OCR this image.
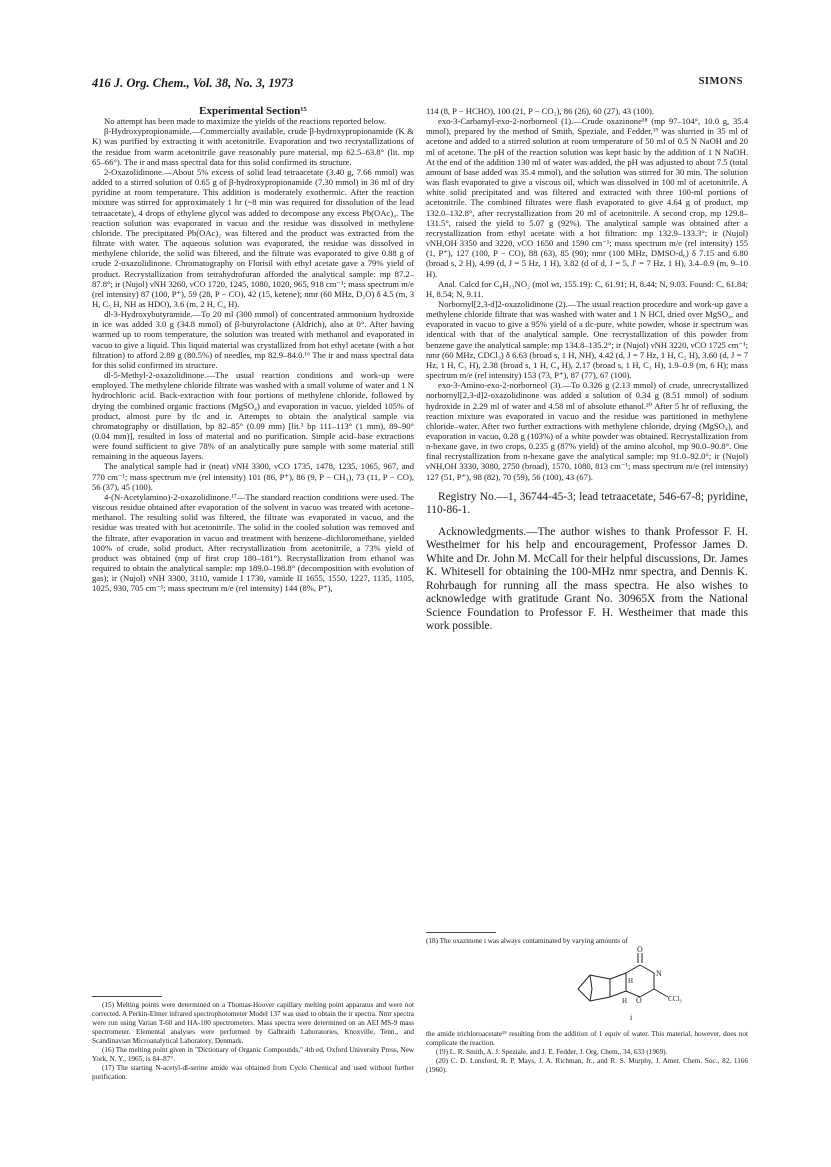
416 J. Org. Chem., Vol. 38, No. 3, 1973	SIMONS

Experimental Section¹⁵

No attempt has been made to maximize the yields of the reactions reported below.

β-Hydroxypropionamide.—Commercially available, crude β-hydroxypropionamide (K & K) was purified by extracting it with acetonitrile. Evaporation and two recrystallizations of the residue from warm acetonitrile gave reasonably pure material, mp 62.5–63.8° (lit. mp 65–66°). The ir and mass spectral data for this solid confirmed its structure.

2-Oxazolidinone.—About 5% excess of solid lead tetraacetate (3.40 g, 7.66 mmol) was added to a stirred solution of 0.65 g of β-hydroxypropionamide (7.30 mmol) in 36 ml of dry pyridine at room temperature. This addition is moderately exothermic. After the reaction mixture was stirred for approximately 1 hr (~8 min was required for dissolution of the lead tetraacetate), 4 drops of ethylene glycol was added to decompose any excess Pb(OAc)₄. The reaction solution was evaporated in vacuo and the residue was dissolved in methylene chloride. The precipitated Pb(OAc)₂ was filtered and the product was extracted from the filtrate with water. The aqueous solution was evaporated, the residue was dissolved in methylene chloride, the solid was filtered, and the filtrate was evaporated to give 0.88 g of crude 2-oxazolidinone. Chromatography on Florisil with ethyl acetate gave a 79% yield of product. Recrystallization from tetrahydrofuran afforded the analytical sample: mp 87.2–87.8°; ir (Nujol) νNH 3260, νCO 1720, 1245, 1080, 1020, 965, 918 cm⁻¹; mass spectrum m/e (rel intensity) 87 (100, P⁺), 59 (28, P − CO), 42 (15, ketene); nmr (60 MHz, D₂O) δ 4.5 (m, 3 H, C₅ H, NH as HDO), 3.6 (m, 2 H, C₄ H).

dl-3-Hydroxybutyramide.—To 20 ml (300 mmol) of concentrated ammonium hydroxide in ice was added 3.0 g (34.8 mmol) of β-butyrolactone (Aldrich), also at 0°. After having warmed up to room temperature, the solution was treated with methanol and evaporated in vacuo to give a liquid. This liquid material was crystallized from hot ethyl acetate (with a hot filtration) to afford 2.89 g (80.5%) of needles, mp 82.9–84.0.¹⁶ The ir and mass spectral data for this solid confirmed its structure.

dl-5-Methyl-2-oxazolidinone.—The usual reaction conditions and work-up were employed. The methylene chloride filtrate was washed with a small volume of water and 1 N hydrochloric acid. Back-extraction with four portions of methylene chloride, followed by drying the combined organic fractions (MgSO₄) and evaporation in vacuo, yielded 105% of product, almost pure by tlc and ir. Attempts to obtain the analytical sample via chromatography or distillation, bp 82–85° (0.09 mm) [lit.³ bp 111–113° (1 mm), 89–90° (0.04 mm)], resulted in loss of material and no purification. Simple acid–base extractions were found sufficient to give 78% of an analytically pure sample with some material still remaining in the aqueous layers.

The analytical sample had ir (neat) νNH 3300, νCO 1735, 1478, 1235, 1065, 967, and 770 cm⁻¹; mass spectrum m/e (rel intensity) 101 (86, P⁺), 86 (9, P − CH₃), 73 (11, P − CO), 56 (37), 45 (100).

4-(N-Acetylamino)-2-oxazolidinone.¹⁷—The standard reaction conditions were used. The viscous residue obtained after evaporation of the solvent in vacuo was treated with acetone–methanol. The resulting solid was filtered, the filtrate was evaporated in vacuo, and the residue was treated with hot acetonitrile. The solid in the cooled solution was removed and the filtrate, after evaporation in vacuo and treatment with benzene–dichloromethane, yielded 100% of crude, solid product. After recrystallization from acetonitrile, a 73% yield of product was obtained (mp of first crop 180–181°). Recrystallization from ethanol was required to obtain the analytical sample: mp 189.0–198.8° (decomposition with evolution of gas); ir (Nujol) νNH 3300, 3110, νamide I 1730, νamide II 1655, 1550, 1227, 1135, 1105, 1025, 930, 705 cm⁻¹; mass spectrum m/e (rel intensity) 144 (8%, P⁺),

(15) Melting points were determined on a Thomas-Hoover capillary melting point apparatus and were not corrected. A Perkin-Elmer infrared spectrophotometer Model 137 was used to obtain the ir spectra. Nmr spectra were run using Varian T-60 and HA-100 spectrometers. Mass spectra were determined on an AEI MS-9 mass spectrometer. Elemental analyses were performed by Galbraith Laboratories, Knoxville, Tenn., and Scandinavian Microanalytical Laboratory, Denmark.

(16) The melting point given in "Dictionary of Organic Compounds," 4th ed, Oxford University Press, New York, N. Y., 1965, is 84–87°.

(17) The starting N-acetyl-dl-serine amide was obtained from Cyclo Chemical and used without further purification.

114 (8, P − HCHO), 100 (21, P − CO₂), 86 (26), 60 (27), 43 (100).

exo-3-Carbamyl-exo-2-norborneol (1).—Crude oxazinone¹⁸ (mp 97–104°, 10.0 g, 35.4 mmol), prepared by the method of Smith, Speziale, and Fedder,¹⁹ was slurried in 35 ml of acetone and added to a stirred solution at room temperature of 50 ml of 0.5 N NaOH and 20 ml of acetone. The pH of the reaction solution was kept basic by the addition of 1 N NaOH. At the end of the addition 130 ml of water was added, the pH was adjusted to about 7.5 (total amount of base added was 35.4 mmol), and the solution was stirred for 30 min. The solution was flash evaporated to give a viscous oil, which was dissolved in 100 ml of acetonitrile. A white solid precipitated and was filtered and extracted with three 100-ml portions of acetonitrile. The combined filtrates were flash evaporated to give 4.64 g of product, mp 132.0–132.8°, after recrystallization from 20 ml of acetonitrile. A second crop, mp 129.8–131.5°, raised the yield to 5.07 g (92%). The analytical sample was obtained after a recrystallization from ethyl acetate with a hot filtration: mp 132.9–133.3°; ir (Nujol) νNH,OH 3350 and 3220, νCO 1650 and 1590 cm⁻¹; mass spectrum m/e (rel intensity) 155 (1, P⁺), 127 (100, P − CO), 88 (63), 85 (90); nmr (100 MHz, DMSO-d₆) δ 7.15 and 6.80 (broad s, 2 H), 4.99 (d, J = 5 Hz, 1 H), 3.82 (d of d, J = 5, J′ = 7 Hz, 1 H), 3.4–0.9 (m, 9–10 H).

Anal. Calcd for C₈H₁₃NO₂ (mol wt, 155.19): C, 61.91; H, 8.44; N, 9.03. Found: C, 61.84; H, 8.54; N, 9.11.

Norbornyl[2,3-d]2-oxazolidinone (2).—The usual reaction procedure and work-up gave a methylene chloride filtrate that was washed with water and 1 N HCl, dried over MgSO₄, and evaporated in vacuo to give a 95% yield of a tlc-pure, white powder, whose ir spectrum was identical with that of the analytical sample. One recrystallization of this powder from benzene gave the analytical sample: mp 134.8–135.2°; ir (Nujol) νNH 3220, νCO 1725 cm⁻¹; nmr (60 MHz, CDCl₃) δ 6.63 (broad s, 1 H, NH), 4.42 (d, J = 7 Hz, 1 H, C₂ H), 3.60 (d, J = 7 Hz, 1 H, C₃ H), 2.38 (broad s, 1 H, C₄ H), 2.17 (broad s, 1 H, C₁ H), 1.9–0.9 (m, 6 H); mass spectrum m/e (rel intensity) 153 (73, P⁺), 87 (77), 67 (100).

exo-3-Amino-exo-2-norborneol (3).—To 0.326 g (2.13 mmol) of crude, unrecrystallized norbornyl[2,3-d]2-oxazolidinone was added a solution of 0.34 g (8.51 mmol) of sodium hydroxide in 2.29 ml of water and 4.58 ml of absolute ethanol.²⁰ After 5 hr of refluxing, the reaction mixture was evaporated in vacuo and the residue was partitioned in methylene chloride–water. After two further extractions with methylene chloride, drying (MgSO₄), and evaporation in vacuo, 0.28 g (103%) of a white powder was obtained. Recrystallization from n-hexane gave, in two crops, 0.235 g (87% yield) of the amino alcohol, mp 90.0–90.8°. One final recrystallization from n-hexane gave the analytical sample: mp 91.0–92.0°; ir (Nujol) νNH,OH 3330, 3080, 2750 (broad), 1570, 1080, 813 cm⁻¹; mass spectrum m/e (rel intensity) 127 (51, P⁺), 98 (82), 70 (59), 56 (100), 43 (67).

Registry No.—1, 36744-45-3; lead tetraacetate, 546-67-8; pyridine, 110-86-1.

Acknowledgments.—The author wishes to thank Professor F. H. Westheimer for his help and encouragement, Professor James D. White and Dr. John M. McCall for their helpful discussions, Dr. James K. Whitesell for obtaining the 100-MHz nmr spectra, and Dennis K. Rohrbaugh for running all the mass spectra. He also wishes to acknowledge with gratitude Grant No. 30965X from the National Science Foundation to Professor F. H. Westheimer that made this work possible.

(18) The oxazinone i was always contaminated by varying amounts of
O
N
H
O	CCl₃
H
i

the amide trichloroacetate¹⁹ resulting from the addition of 1 equiv of water. This material, however, does not complicate the reaction.

(19) L. R. Smith, A. J. Speziale, and J. E. Fedder, J. Org. Chem., 34, 633 (1969).

(20) C. D. Lunsford, R. P. Mays, J. A. Richman, Jr., and R. S. Murphy, J. Amer. Chem. Soc., 82, 1166 (1960).
